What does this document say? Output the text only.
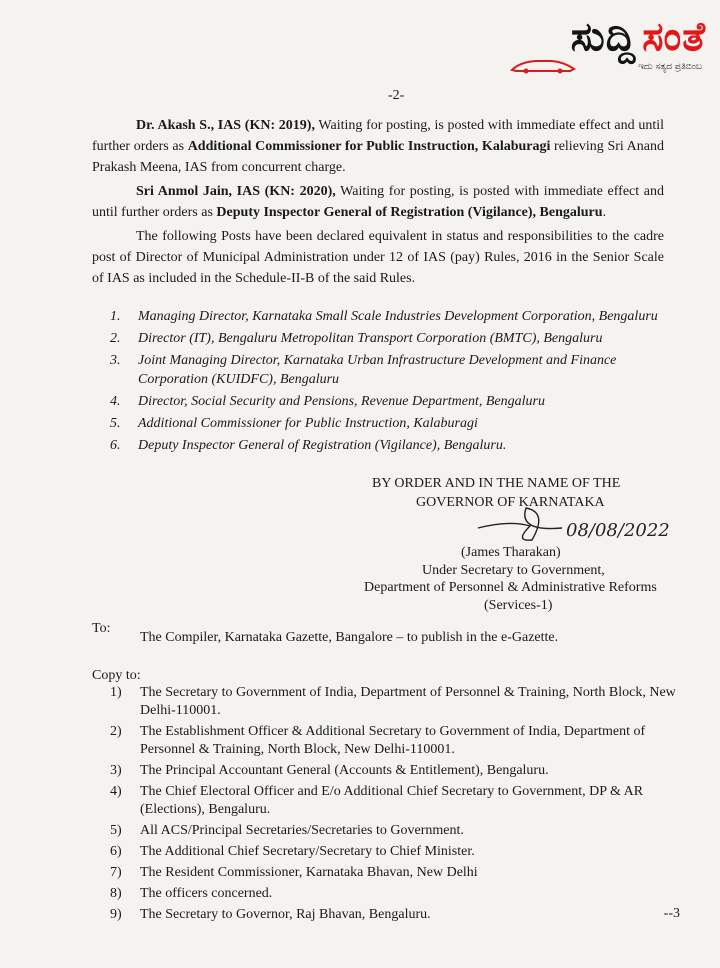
ಸುದ್ದಿ ಸಂತೆ
ಇದು ಸತ್ಯದ ಪ್ರತಿಬಿಂಬ
-2-

Dr. Akash S., IAS (KN: 2019), Waiting for posting, is posted with immediate effect and until further orders as Additional Commissioner for Public Instruction, Kalaburagi relieving Sri Anand Prakash Meena, IAS from concurrent charge.

Sri Anmol Jain, IAS (KN: 2020), Waiting for posting, is posted with immediate effect and until further orders as Deputy Inspector General of Registration (Vigilance), Bengaluru.

The following Posts have been declared equivalent in status and responsibilities to the cadre post of Director of Municipal Administration under 12 of IAS (pay) Rules, 2016 in the Senior Scale of IAS as included in the Schedule-II-B of the said Rules.

1. Managing Director, Karnataka Small Scale Industries Development Corporation, Bengaluru
2. Director (IT), Bengaluru Metropolitan Transport Corporation (BMTC), Bengaluru
3. Joint Managing Director, Karnataka Urban Infrastructure Development and Finance Corporation (KUIDFC), Bengaluru
4. Director, Social Security and Pensions, Revenue Department, Bengaluru
5. Additional Commissioner for Public Instruction, Kalaburagi
6. Deputy Inspector General of Registration (Vigilance), Bengaluru.
BY ORDER AND IN THE NAME OF THE
GOVERNOR OF KARNATAKA
08/08/2022
(James Tharakan)
Under Secretary to Government,
Department of Personnel & Administrative Reforms
(Services-1)
To:
The Compiler, Karnataka Gazette, Bangalore – to publish in the e-Gazette.
Copy to:
1) The Secretary to Government of India, Department of Personnel & Training, North Block, New Delhi-110001.
2) The Establishment Officer & Additional Secretary to Government of India, Department of Personnel & Training, North Block, New Delhi-110001.
3) The Principal Accountant General (Accounts & Entitlement), Bengaluru.
4) The Chief Electoral Officer and E/o Additional Chief Secretary to Government, DP & AR (Elections), Bengaluru.
5) All ACS/Principal Secretaries/Secretaries to Government.
6) The Additional Chief Secretary/Secretary to Chief Minister.
7) The Resident Commissioner, Karnataka Bhavan, New Delhi
8) The officers concerned.
9) The Secretary to Governor, Raj Bhavan, Bengaluru.	--3
